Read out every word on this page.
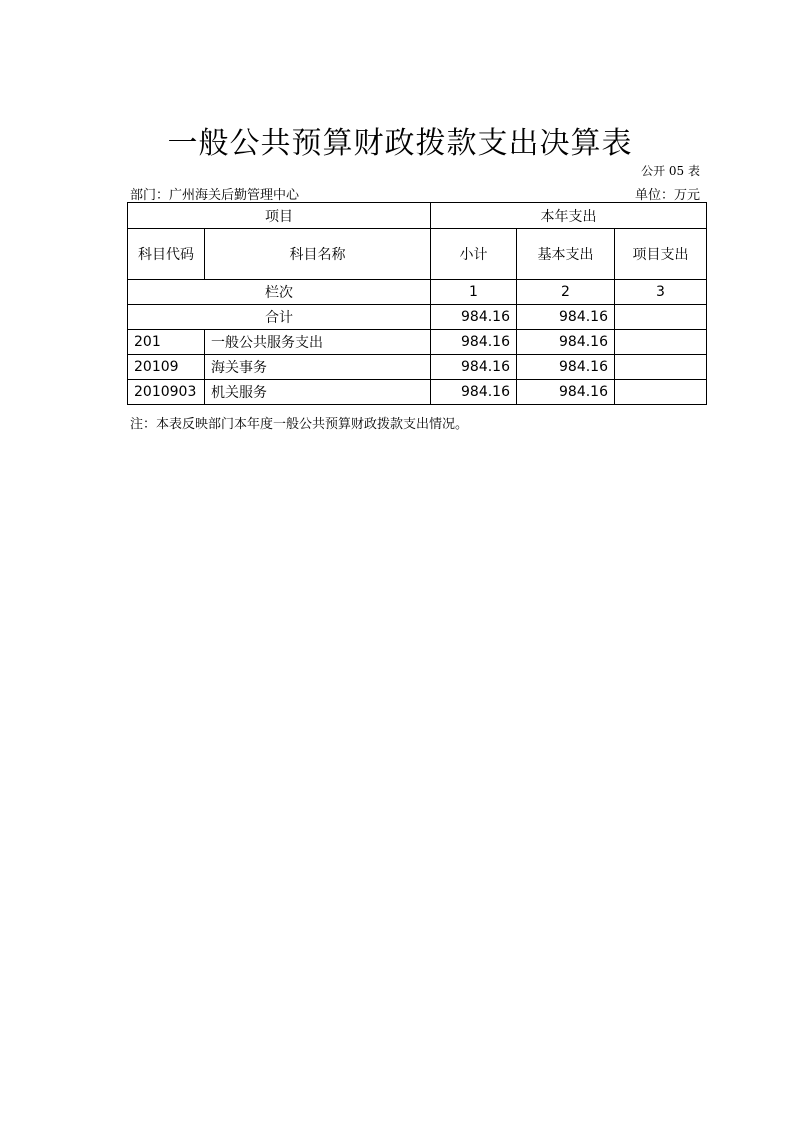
一般公共预算财政拨款支出决算表
公开 05 表
部门：广州海关后勤管理中心	单位：万元
项目		本年支出		
科目代码	科目名称	小计	基本支出	项目支出
栏次		1	2	3
合计		984.16	984.16	
201	一般公共服务支出	984.16	984.16	
20109	海关事务	984.16	984.16	
2010903	机关服务	984.16	984.16	
注：本表反映部门本年度一般公共预算财政拨款支出情况。
